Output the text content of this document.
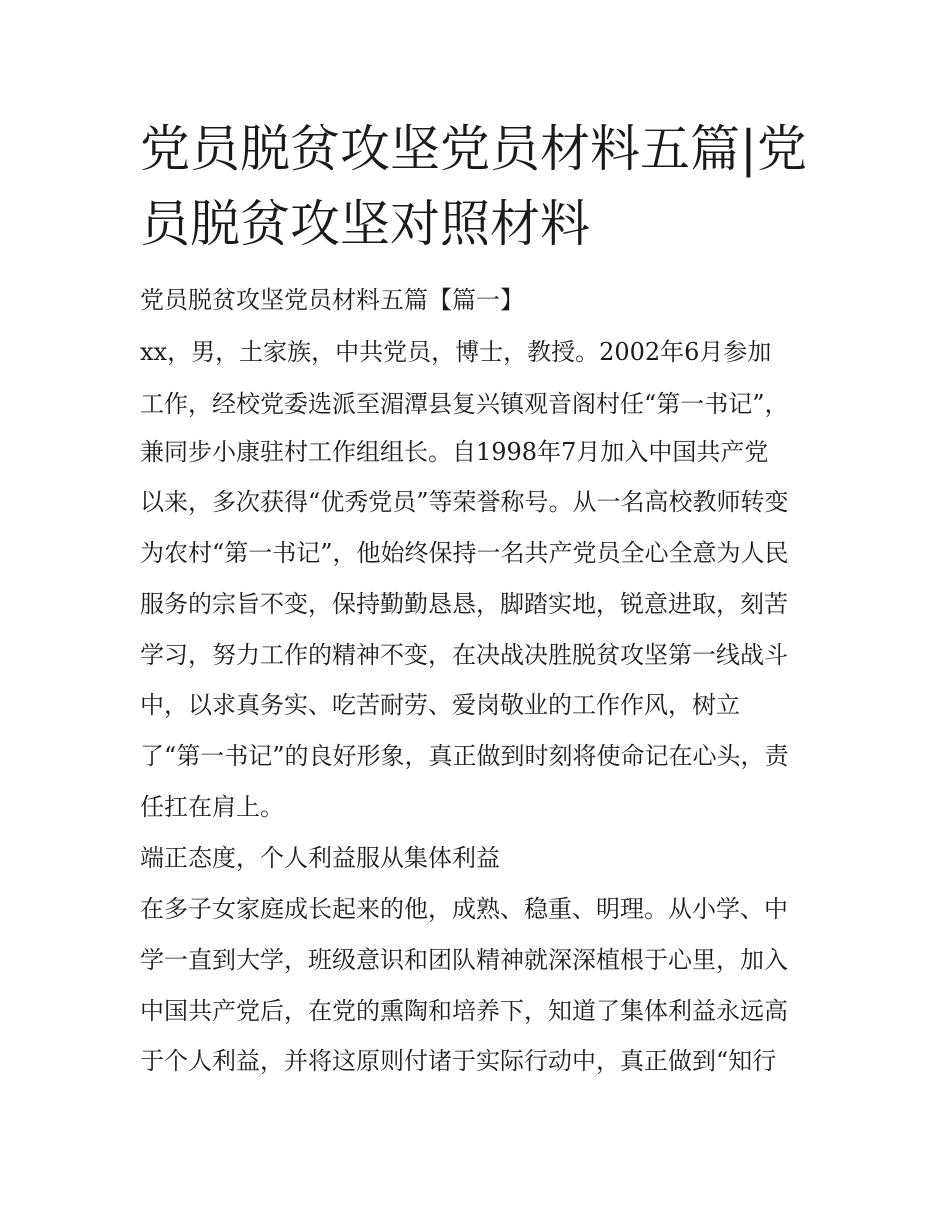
党员脱贫攻坚党员材料五篇|党
员脱贫攻坚对照材料

党员脱贫攻坚党员材料五篇【篇一】

xx，男，土家族，中共党员，博士，教授。2002年6月参加

工作，经校党委选派至湄潭县复兴镇观音阁村任“第一书记”，

兼同步小康驻村工作组组长。自1998年7月加入中国共产党

以来，多次获得“优秀党员”等荣誉称号。从一名高校教师转变

为农村“第一书记”，他始终保持一名共产党员全心全意为人民

服务的宗旨不变，保持勤勤恳恳，脚踏实地，锐意进取，刻苦

学习，努力工作的精神不变，在决战决胜脱贫攻坚第一线战斗

中，以求真务实、吃苦耐劳、爱岗敬业的工作作风，树立

了“第一书记”的良好形象，真正做到时刻将使命记在心头，责

任扛在肩上。

端正态度，个人利益服从集体利益

在多子女家庭成长起来的他，成熟、稳重、明理。从小学、中

学一直到大学，班级意识和团队精神就深深植根于心里，加入

中国共产党后，在党的熏陶和培养下，知道了集体利益永远高

于个人利益，并将这原则付诸于实际行动中，真正做到“知行
